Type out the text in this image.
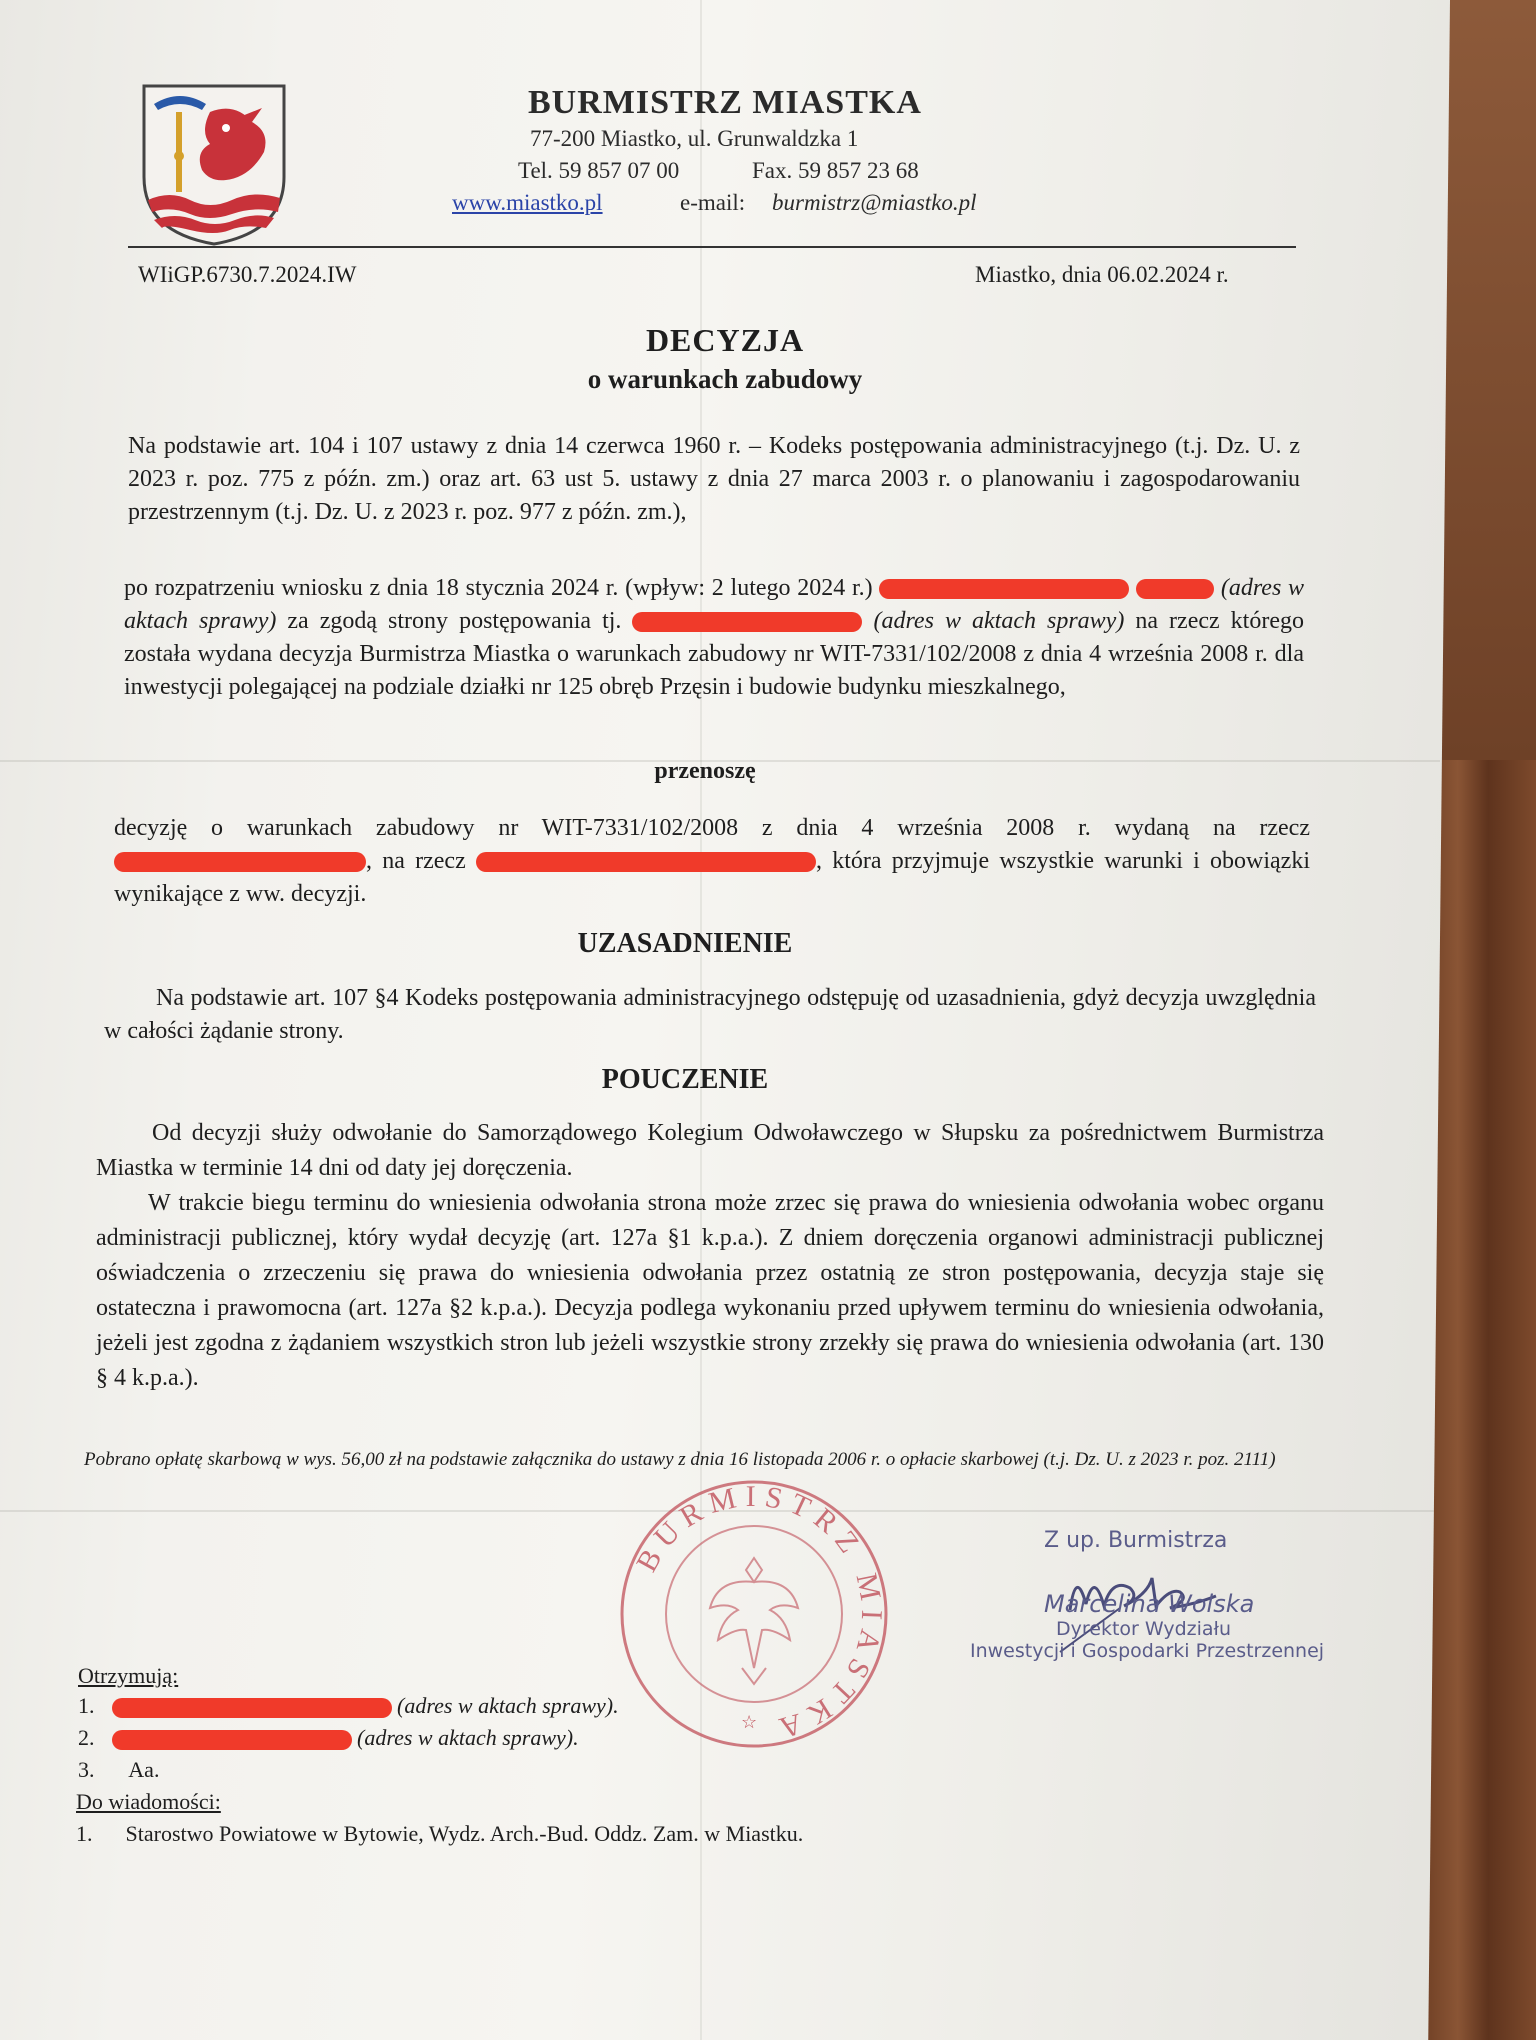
BURMISTRZ MIASTKA
77-200 Miastko, ul. Grunwaldzka 1
Tel. 59 857 07 00	Fax. 59 857 23 68
www.miastko.pl	e-mail: burmistrz@miastko.pl
WIiGP.6730.7.2024.IW	Miastko, dnia 06.02.2024 r.
DECYZJA
o warunkach zabudowy
Na podstawie art. 104 i 107 ustawy z dnia 14 czerwca 1960 r. – Kodeks postępowania administracyjnego (t.j. Dz. U. z 2023 r. poz. 775 z późn. zm.) oraz art. 63 ust 5. ustawy z dnia 27 marca 2003 r. o planowaniu i zagospodarowaniu przestrzennym (t.j. Dz. U. z 2023 r. poz. 977 z późn. zm.),
po rozpatrzeniu wniosku z dnia 18 stycznia 2024 r. (wpływ: 2 lutego 2024 r.)	(adres w aktach sprawy) za zgodą strony postępowania tj.	(adres w aktach sprawy) na rzecz którego została wydana decyzja Burmistrza Miastka o warunkach zabudowy nr WIT-7331/102/2008 z dnia 4 września 2008 r. dla inwestycji polegającej na podziale działki nr 125 obręb Przęsin i budowie budynku mieszkalnego,
przenoszę
decyzję o warunkach zabudowy nr WIT-7331/102/2008 z dnia 4 września 2008 r. wydaną na rzecz , na rzecz	, która przyjmuje wszystkie warunki i obowiązki wynikające z ww. decyzji.
UZASADNIENIE
Na podstawie art. 107 §4 Kodeks postępowania administracyjnego odstępuję od uzasadnienia, gdyż decyzja uwzględnia w całości żądanie strony.
POUCZENIE

Od decyzji służy odwołanie do Samorządowego Kolegium Odwoławczego w Słupsku za pośrednictwem Burmistrza Miastka w terminie 14 dni od daty jej doręczenia.

W trakcie biegu terminu do wniesienia odwołania strona może zrzec się prawa do wniesienia odwołania wobec organu administracji publicznej, który wydał decyzję (art. 127a §1 k.p.a.). Z dniem doręczenia organowi administracji publicznej oświadczenia o zrzeczeniu się prawa do wniesienia odwołania przez ostatnią ze stron postępowania, decyzja staje się ostateczna i prawomocna (art. 127a §2 k.p.a.). Decyzja podlega wykonaniu przed upływem terminu do wniesienia odwołania, jeżeli jest zgodna z żądaniem wszystkich stron lub jeżeli wszystkie strony zrzekły się prawa do wniesienia odwołania (art. 130 § 4 k.p.a.).

Pobrano opłatę skarbową w wys. 56,00 zł na podstawie załącznika do ustawy z dnia 16 listopada 2006 r. o opłacie skarbowej (t.j. Dz. U. z 2023 r. poz. 2111)
BURMISTRZ MIASTKA
☆
Z up. Burmistrza
Marcelina Wolska
Dyrektor Wydziału
Inwestycji i Gospodarki Przestrzennej
Otrzymują:
1.	(adres w aktach sprawy).
2.	(adres w aktach sprawy).
3. Aa.
Do wiadomości:
1. Starostwo Powiatowe w Bytowie, Wydz. Arch.-Bud. Oddz. Zam. w Miastku.
